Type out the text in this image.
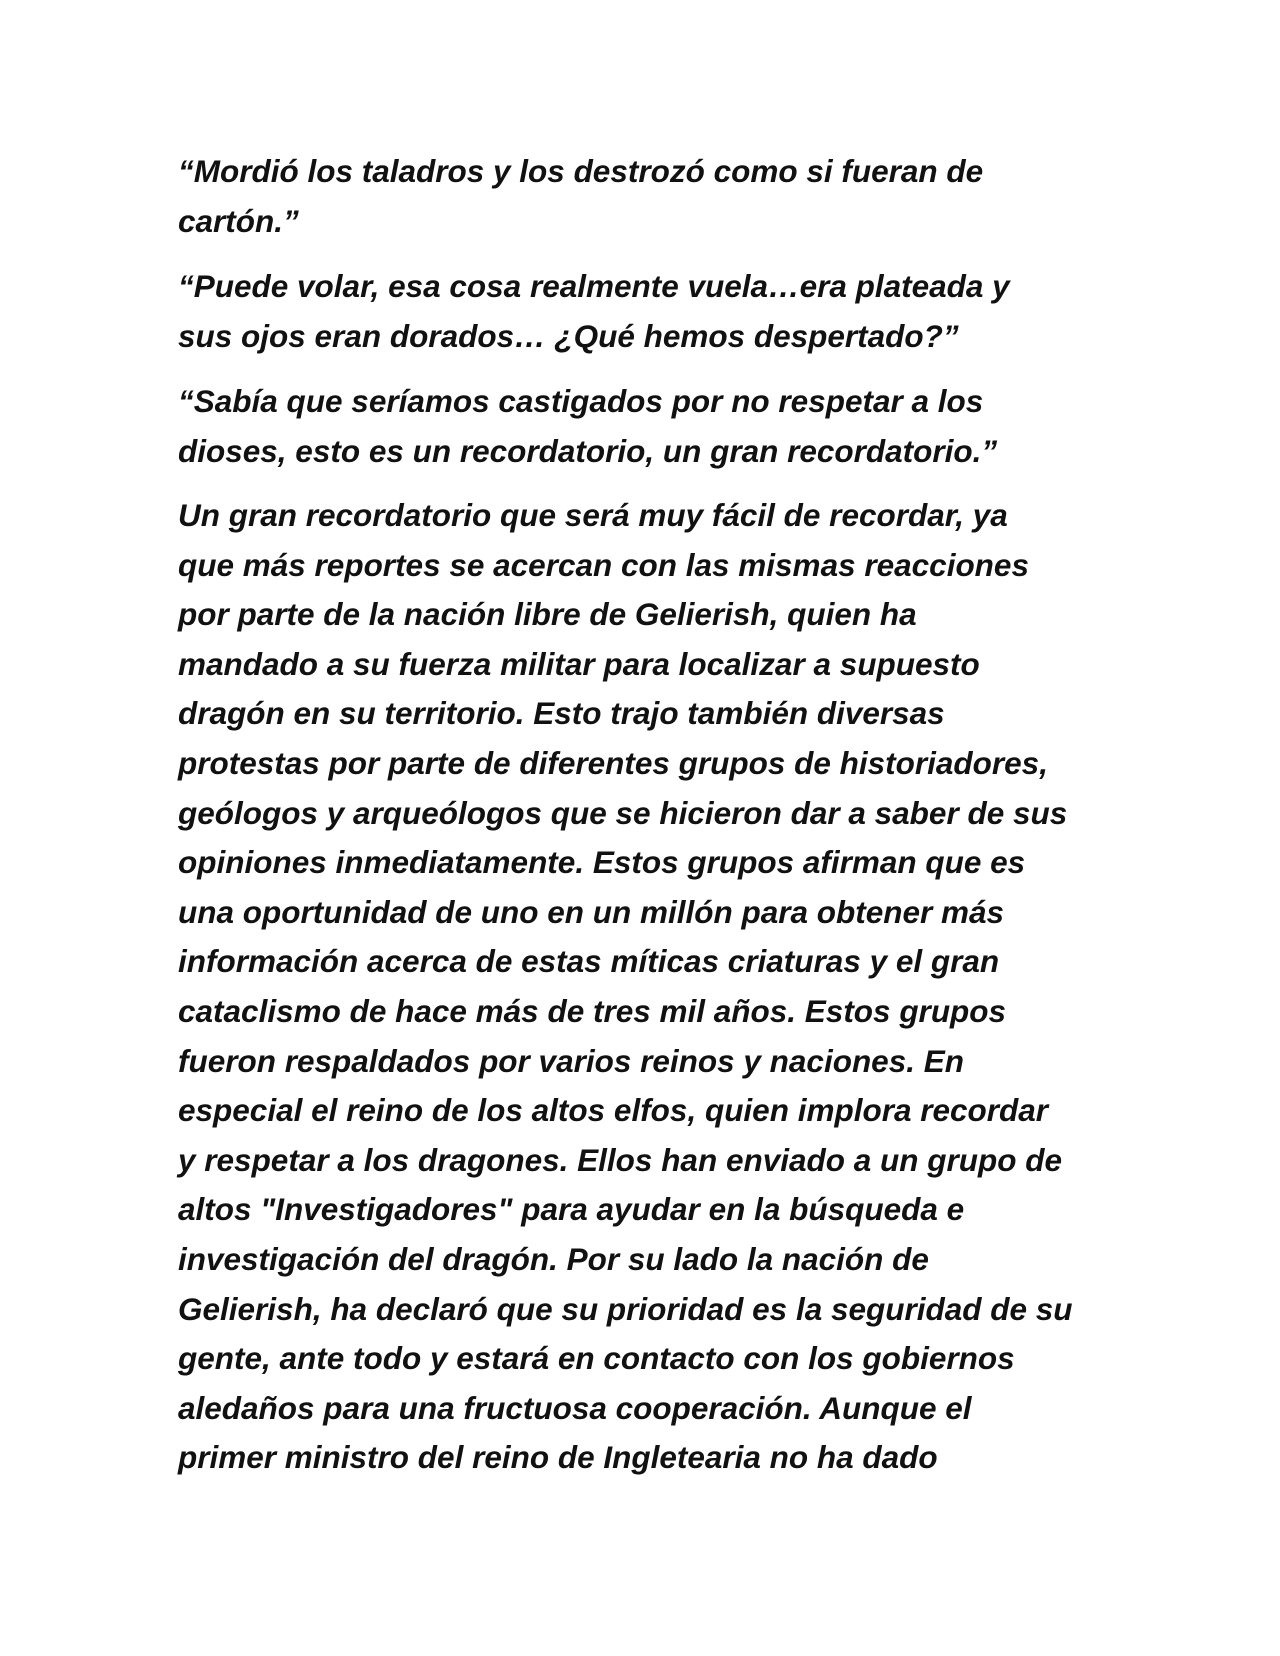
“Mordió los taladros y los destrozó como si fueran de
cartón.”

“Puede volar, esa cosa realmente vuela…era plateada y
sus ojos eran dorados… ¿Qué hemos despertado?”

“Sabía que seríamos castigados por no respetar a los
dioses, esto es un recordatorio, un gran recordatorio.”

Un gran recordatorio que será muy fácil de recordar, ya
que más reportes se acercan con las mismas reacciones
por parte de la nación libre de Gelierish, quien ha
mandado a su fuerza militar para localizar a supuesto
dragón en su territorio. Esto trajo también diversas
protestas por parte de diferentes grupos de historiadores,
geólogos y arqueólogos que se hicieron dar a saber de sus
opiniones inmediatamente. Estos grupos afirman que es
una oportunidad de uno en un millón para obtener más
información acerca de estas míticas criaturas y el gran
cataclismo de hace más de tres mil años. Estos grupos
fueron respaldados por varios reinos y naciones. En
especial el reino de los altos elfos, quien implora recordar
y respetar a los dragones. Ellos han enviado a un grupo de
altos "Investigadores" para ayudar en la búsqueda e
investigación del dragón. Por su lado la nación de
Gelierish, ha declaró que su prioridad es la seguridad de su
gente, ante todo y estará en contacto con los gobiernos
aledaños para una fructuosa cooperación. Aunque el
primer ministro del reino de Ingletearia no ha dado
